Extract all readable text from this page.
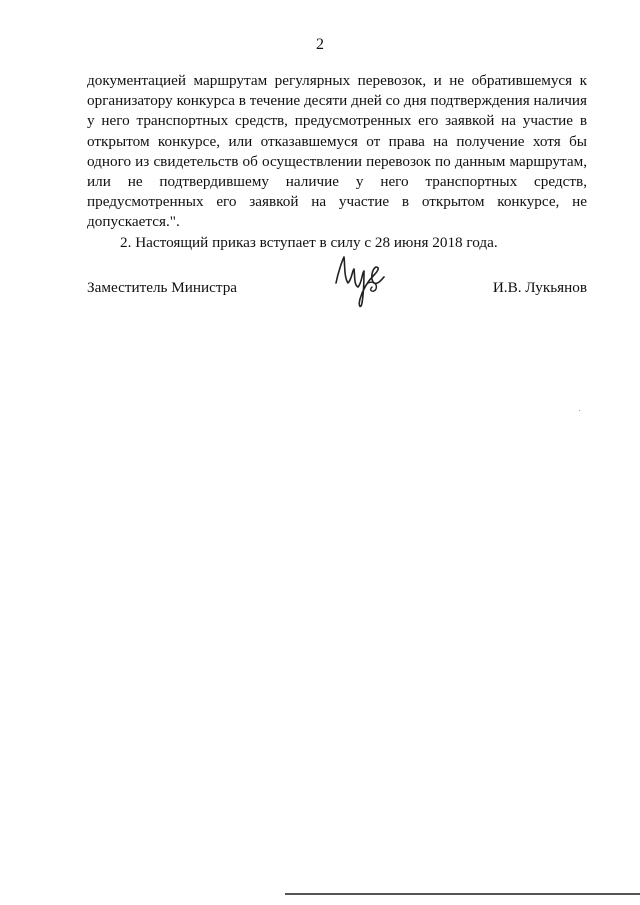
2

документацией маршрутам регулярных перевозок, и не обратившемуся к организатору конкурса в течение десяти дней со дня подтверждения наличия у него транспортных средств, предусмотренных его заявкой на участие в открытом конкурсе, или отказавшемуся от права на получение хотя бы одного из свидетельств об осуществлении перевозок по данным маршрутам, или не подтвердившему наличие у него транспортных средств, предусмотренных его заявкой на участие в открытом конкурсе, не допускается.".

2. Настоящий приказ вступает в силу с 28 июня 2018 года.

Заместитель Министра	И.В. Лукьянов
